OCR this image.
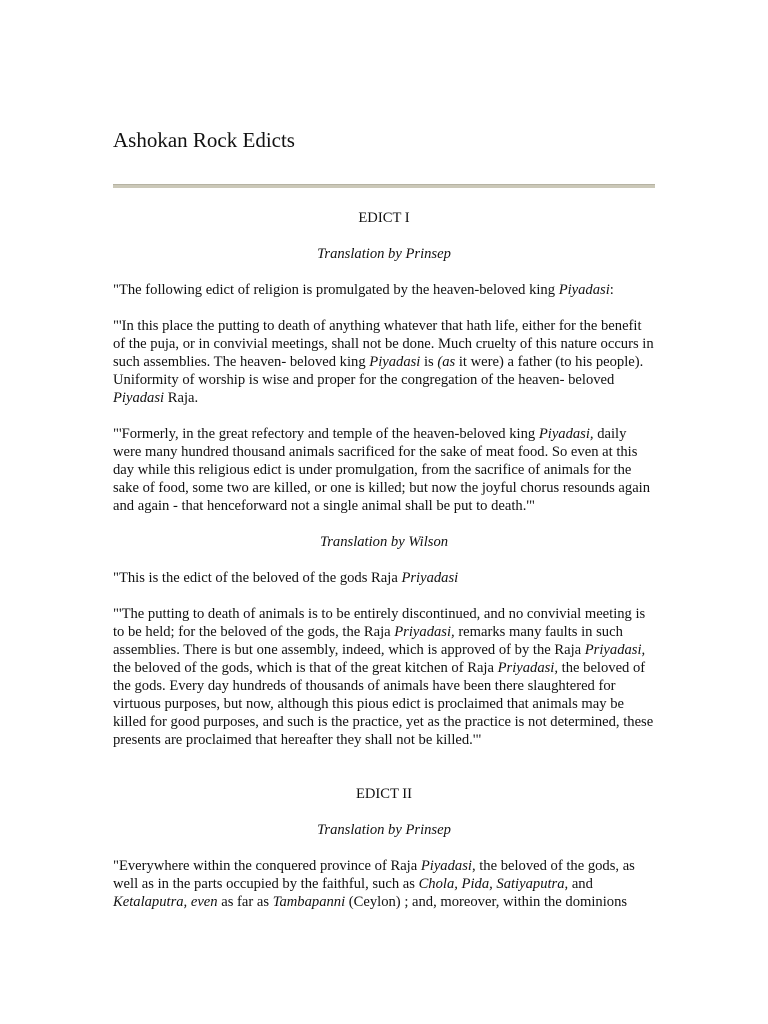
Ashokan Rock Edicts

EDICT I

Translation by Prinsep

"The following edict of religion is promulgated by the heaven-beloved king Piyadasi:

"'In this place the putting to death of anything whatever that hath life, either for the benefit of the puja, or in convivial meetings, shall not be done. Much cruelty of this nature occurs in such assemblies. The heaven- beloved king Piyadasi is (as it were) a father (to his people). Uniformity of worship is wise and proper for the congregation of the heaven- beloved Piyadasi Raja.

"'Formerly, in the great refectory and temple of the heaven-beloved king Piyadasi, daily were many hundred thousand animals sacrificed for the sake of meat food. So even at this day while this religious edict is under promulgation, from the sacrifice of animals for the sake of food, some two are killed, or one is killed; but now the joyful chorus resounds again and again - that henceforward not a single animal shall be put to death.'"

Translation by Wilson

"This is the edict of the beloved of the gods Raja Priyadasi

"'The putting to death of animals is to be entirely discontinued, and no convivial meeting is to be held; for the beloved of the gods, the Raja Priyadasi, remarks many faults in such assemblies. There is but one assembly, indeed, which is approved of by the Raja Priyadasi, the beloved of the gods, which is that of the great kitchen of Raja Priyadasi, the beloved of the gods. Every day hundreds of thousands of animals have been there slaughtered for virtuous purposes, but now, although this pious edict is proclaimed that animals may be killed for good purposes, and such is the practice, yet as the practice is not determined, these presents are proclaimed that hereafter they shall not be killed.'"

EDICT II

Translation by Prinsep

"Everywhere within the conquered province of Raja Piyadasi, the beloved of the gods, as well as in the parts occupied by the faithful, such as Chola, Pida, Satiyaputra, and Ketalaputra, even as far as Tambapanni (Ceylon) ; and, moreover, within the dominions
